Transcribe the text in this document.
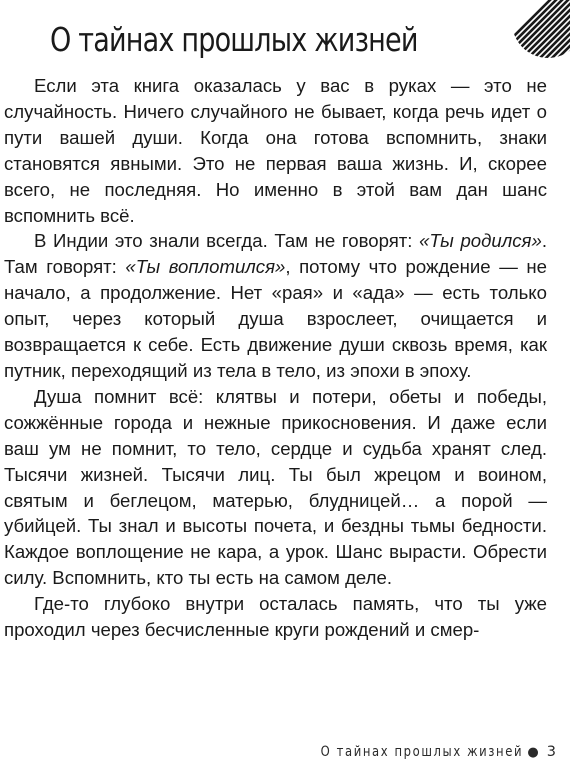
О тайнах прошлых жизней

Если эта книга оказалась у вас в руках — это не случайность. Ничего случайного не бывает, когда речь идет о пути вашей души. Когда она готова вспомнить, знаки становятся явными. Это не первая ваша жизнь. И, скорее всего, не последняя. Но именно в этой вам дан шанс вспомнить всё.

В Индии это знали всегда. Там не говорят: «Ты родился». Там говорят: «Ты воплотился», потому что рождение — не начало, а продолжение. Нет «рая» и «ада» — есть только опыт, через который душа взрослеет, очищается и возвращается к себе. Есть движение души сквозь время, как путник, переходящий из тела в тело, из эпохи в эпоху.

Душа помнит всё: клятвы и потери, обеты и победы, сожжённые города и нежные прикосновения. И даже если ваш ум не помнит, то тело, сердце и судьба хранят след. Тысячи жизней. Тысячи лиц. Ты был жрецом и воином, святым и беглецом, матерью, блудницей… а порой — убийцей. Ты знал и высоты почета, и бездны тьмы бедности. Каждое воплощение не кара, а урок. Шанс вырасти. Обрести силу. Вспомнить, кто ты есть на самом деле.

Где-то глубоко внутри осталась память, что ты уже проходил через бесчисленные круги рождений и смер-

О тайнах прошлых жизней ● 3
